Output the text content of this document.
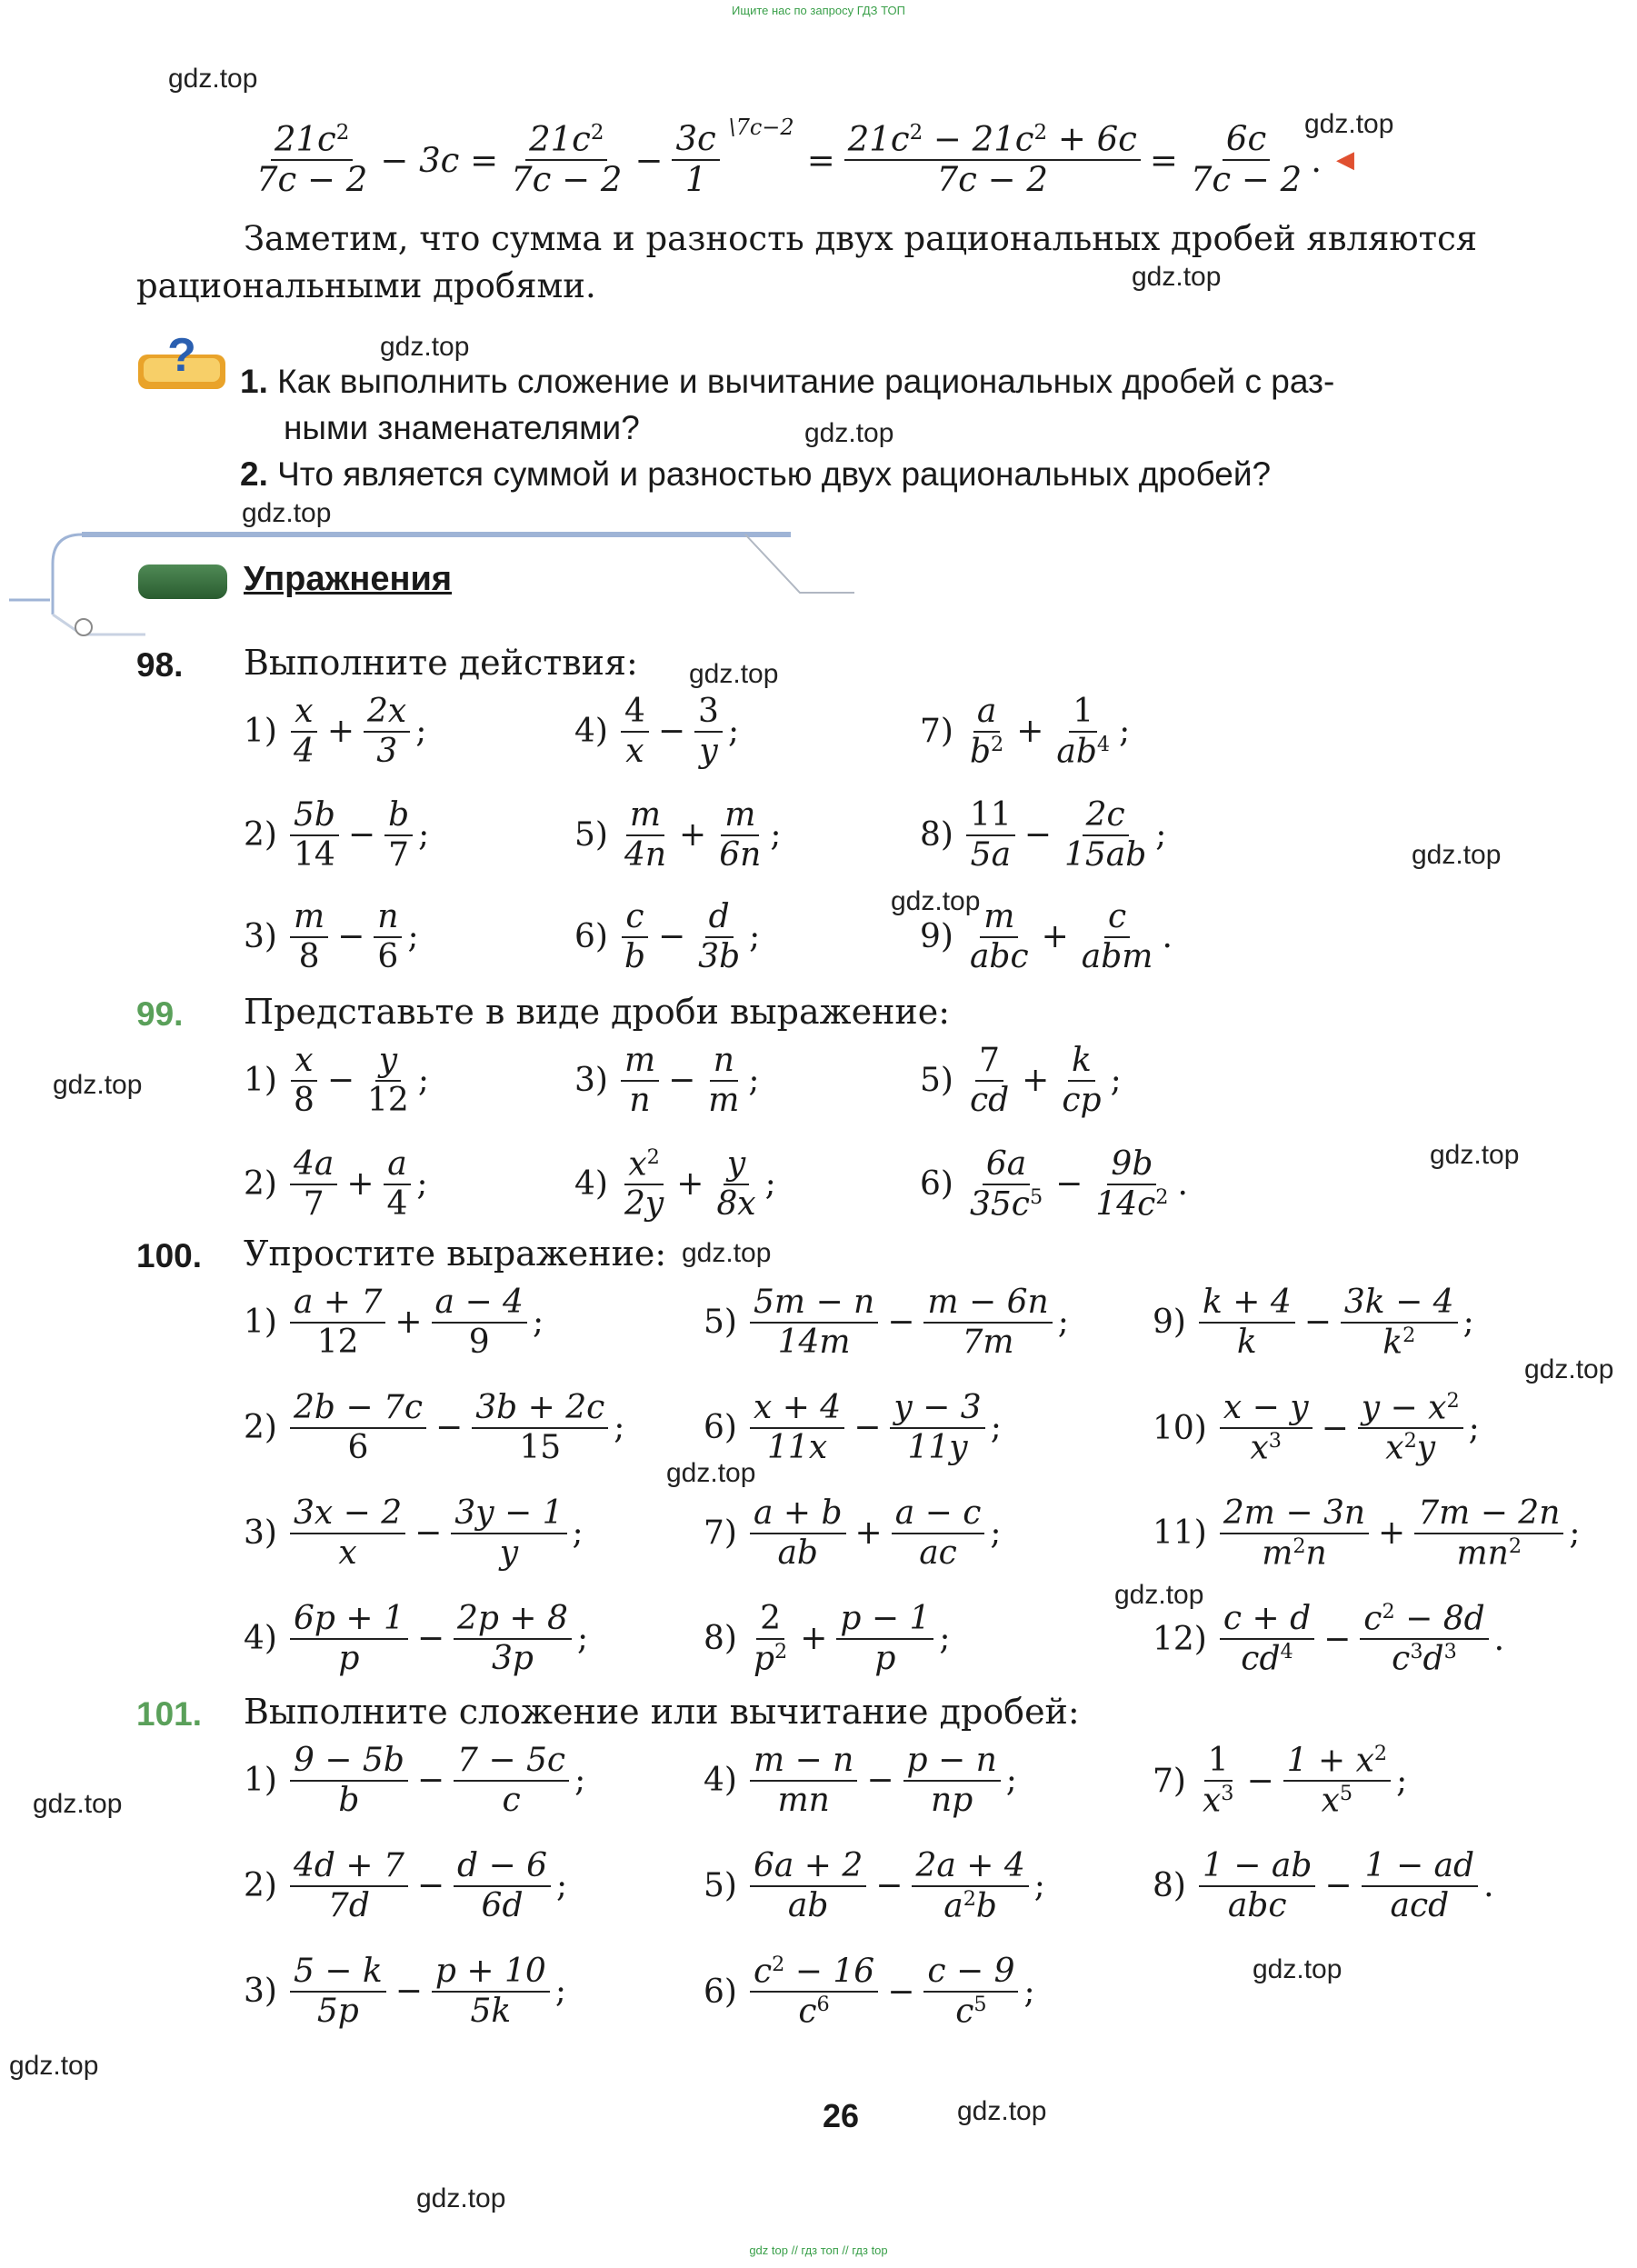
Ищите нас по запросу ГДЗ ТОП
gdz top // гдз топ // гдз top
gdz.top
gdz.top
gdz.top
gdz.top
gdz.top
gdz.top
gdz.top
gdz.top
gdz.top
gdz.top
gdz.top
gdz.top
gdz.top
gdz.top
gdz.top
gdz.top
gdz.top
gdz.top
gdz.top
gdz.top
$\frac{21c^2}{7c - 2} - 3c = \frac{21c^2}{7c - 2}$ −
3c
1
\7c−2
= $\frac{21c^2 - 21c^2 + 6c}{7c - 2} = \frac{6c}{7c - 2}$ . ◀
Заметим, что сумма и разность двух рациональных дробей являются
рациональными дробями.
? 1. Как выполнить сложение и вычитание рациональных дробей с раз-
ными знаменателями?
2. Что является суммой и разностью двух рациональных дробей?
Упражнения
98. Выполните действия:
$1) \frac{x}{4} + \frac{2x}{3}$ ;	$4) \frac{4}{x} - \frac{3}{y}$ ;	$7) \frac{a}{b^2} + \frac{1}{ab^4}$ ;
$2) \frac{5b}{14} - \frac{b}{7}$ ;	$5) \frac{m}{4n} + \frac{m}{6n}$ ;	$8) \frac{11}{5a} - \frac{2c}{15ab}$ ;
$3) \frac{m}{8} - \frac{n}{6}$ ;	$6) \frac{c}{b} - \frac{d}{3b}$ ;	$9) \frac{m}{\text{abc}} + \frac{c}{\text{abm}}$ .
99. Представьте в виде дроби выражение:
$1) \frac{x}{8} - \frac{y}{12}$ ;	$3) \frac{m}{n} - \frac{n}{m}$ ;	$5) \frac{7}{cd} + \frac{k}{cp}$ ;
$2) \frac{4a}{7} + \frac{a}{4}$ ;	$4) \frac{x^2}{2y} + \frac{y}{8x}$ ;	$6) \frac{6a}{35c^5} - \frac{9b}{14c^2}$ .
100. Упростите выражение:
$1) \frac{a + 7}{12} + \frac{a - 4}{9}$ ;	$5) \frac{5m - n}{14m} - \frac{m - 6n}{7m}$ ;	$9) \frac{k + 4}{k} - \frac{3k - 4}{k^2}$ ;
$2) \frac{2b - 7c}{6} - \frac{3b + 2c}{15}$ ; $6) \frac{x + 4}{11x} - \frac{y - 3}{11y}$ ;	$10) \frac{x - y}{x^3} - \frac{y - x^2}{x^2y}$ ;
$3) \frac{3x - 2}{x} - \frac{3y - 1}{y}$ ;	$7) \frac{a + b}{ab} + \frac{a - c}{ac}$ ;	$11) \frac{2m - 3n}{m^2n} + \frac{7m - 2n}{mn^2}$ ;
$4) \frac{6p + 1}{p} - \frac{2p + 8}{3p}$ ;	$8) \frac{2}{p^2} + \frac{p - 1}{p}$ ;	$12) \frac{c + d}{cd^4} - \frac{c^2 - 8d}{c^3d^3}$ .
101. Выполните сложение или вычитание дробей:
$1) \frac{9 - 5b}{b} - \frac{7 - 5c}{c}$ ;	$4) \frac{m - n}{mn} - \frac{p - n}{np}$ ;	$7) \frac{1}{x^3} - \frac{1 + x^2}{x^5}$ ;
$2) \frac{4d + 7}{7d} - \frac{d - 6}{6d}$ ;	$5) \frac{6a + 2}{ab} - \frac{2a + 4}{a^2b}$ ;	$8) \frac{1 - ab}{\text{abc}} - \frac{1 - ad}{\text{acd}}$ .
$3) \frac{5 - k}{5p} - \frac{p + 10}{5k}$ ;	$6) \frac{c^2 - 16}{c^6} - \frac{c - 9}{c^5}$ ;
26
